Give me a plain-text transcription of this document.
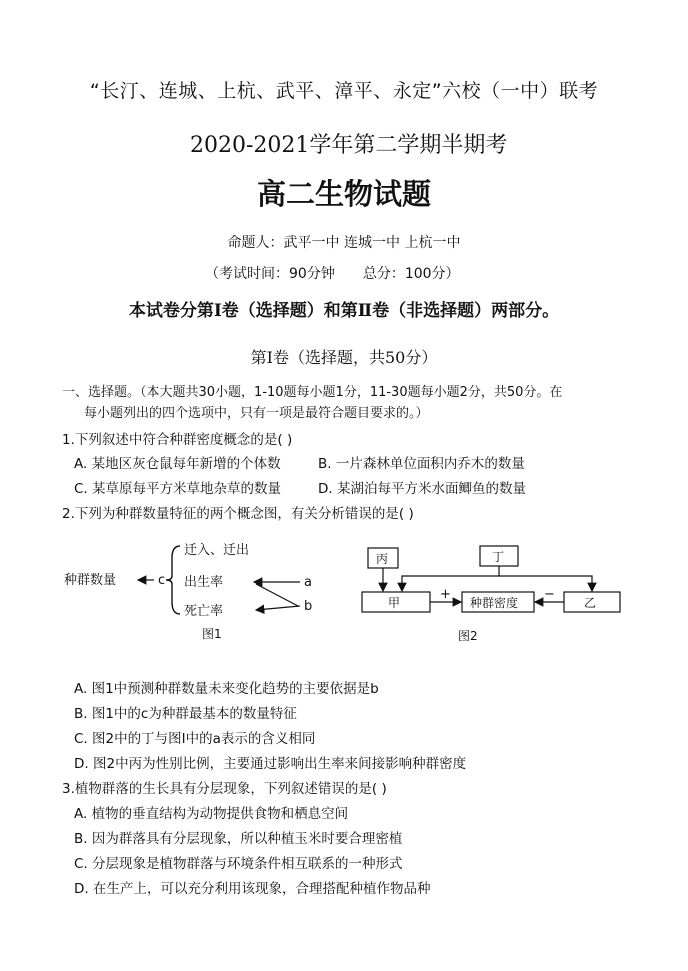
“长汀、连城、上杭、武平、漳平、永定”六校（一中）联考
2020-2021学年第二学期半期考
高二生物试题
命题人：武平一中 连城一中 上杭一中
（考试时间：90分钟 总分：100分）
本试卷分第Ⅰ卷（选择题）和第Ⅱ卷（非选择题）两部分。
第Ⅰ卷（选择题，共50分）
一、选择题。（本大题共30小题，1-10题每小题1分，11-30题每小题2分，共50分。在
每小题列出的四个选项中，只有一项是最符合题目要求的。）
1.下列叙述中符合种群密度概念的是( )
A. 某地区灰仓鼠每年新增的个体数	B. 一片森林单位面积内乔木的数量
C. 某草原每平方米草地杂草的数量	D. 某湖泊每平方米水面鲫鱼的数量
2.下列为种群数量特征的两个概念图，有关分析错误的是( )
种群数量	c
迁入、迁出
出生率
死亡率
a
b
图1
丙	丁
甲	种群密度	乙
+	−
图2
A. 图1中预测种群数量未来变化趋势的主要依据是b
B. 图1中的c为种群最基本的数量特征
C. 图2中的丁与图Ⅰ中的a表示的含义相同
D. 图2中丙为性别比例，主要通过影响出生率来间接影响种群密度
3.植物群落的生长具有分层现象，下列叙述错误的是( )
A. 植物的垂直结构为动物提供食物和栖息空间
B. 因为群落具有分层现象，所以种植玉米时要合理密植
C. 分层现象是植物群落与环境条件相互联系的一种形式
D. 在生产上，可以充分利用该现象，合理搭配种植作物品种
